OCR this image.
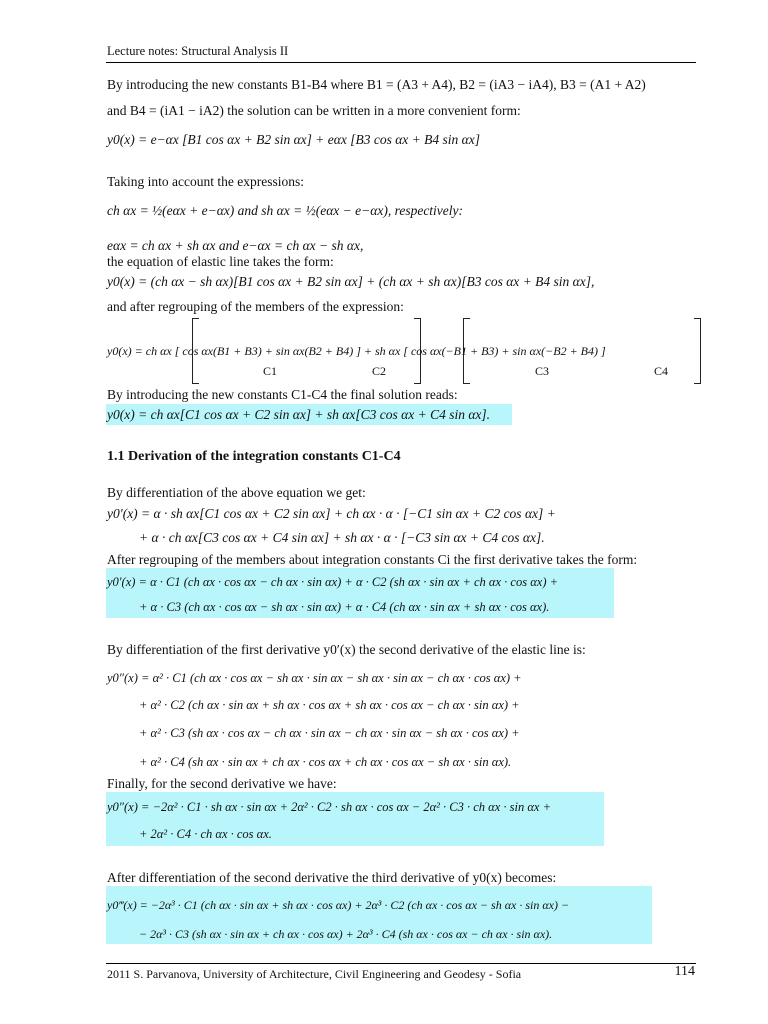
Lecture notes: Structural Analysis II
By introducing the new constants B1-B4 where B1 = (A3 + A4), B2 = (iA3 − iA4), B3 = (A1 + A2)
and B4 = (iA1 − iA2) the solution can be written in a more convenient form:
y0(x) = e−αx [B1 cos αx + B2 sin αx] + eαx [B3 cos αx + B4 sin αx]
Taking into account the expressions:
ch αx = ½(eαx + e−αx) and sh αx = ½(eαx − e−αx), respectively:
eαx = ch αx + sh αx and e−αx = ch αx − sh αx,
the equation of elastic line takes the form:
y0(x) = (ch αx − sh αx)[B1 cos αx + B2 sin αx] + (ch αx + sh αx)[B3 cos αx + B4 sin αx],
and after regrouping of the members of the expression:
y0(x) = ch αx [ cos αx(B1 + B3) + sin αx(B2 + B4) ] + sh αx [ cos αx(−B1 + B3) + sin αx(−B2 + B4) ]
C1	C2	C3	C4
By introducing the new constants C1-C4 the final solution reads:
y0(x) = ch αx[C1 cos αx + C2 sin αx] + sh αx[C3 cos αx + C4 sin αx].
1.1 Derivation of the integration constants C1-C4
By differentiation of the above equation we get:
y0′(x) = α · sh αx[C1 cos αx + C2 sin αx] + ch αx · α · [−C1 sin αx + C2 cos αx] +
+ α · ch αx[C3 cos αx + C4 sin αx] + sh αx · α · [−C3 sin αx + C4 cos αx].
After regrouping of the members about integration constants Ci the first derivative takes the form:
y0′(x) = α · C1 (ch αx · cos αx − ch αx · sin αx) + α · C2 (sh αx · sin αx + ch αx · cos αx) +
+ α · C3 (ch αx · cos αx − sh αx · sin αx) + α · C4 (ch αx · sin αx + sh αx · cos αx).
By differentiation of the first derivative y0′(x) the second derivative of the elastic line is:
y0″(x) = α² · C1 (ch αx · cos αx − sh αx · sin αx − sh αx · sin αx − ch αx · cos αx) +
+ α² · C2 (ch αx · sin αx + sh αx · cos αx + sh αx · cos αx − ch αx · sin αx) +
+ α² · C3 (sh αx · cos αx − ch αx · sin αx − ch αx · sin αx − sh αx · cos αx) +
+ α² · C4 (sh αx · sin αx + ch αx · cos αx + ch αx · cos αx − sh αx · sin αx).
Finally, for the second derivative we have:
y0″(x) = −2α² · C1 · sh αx · sin αx + 2α² · C2 · sh αx · cos αx − 2α² · C3 · ch αx · sin αx +
+ 2α² · C4 · ch αx · cos αx.
After differentiation of the second derivative the third derivative of y0(x) becomes:
y0‴(x) = −2α³ · C1 (ch αx · sin αx + sh αx · cos αx) + 2α³ · C2 (ch αx · cos αx − sh αx · sin αx) −
− 2α³ · C3 (sh αx · sin αx + ch αx · cos αx) + 2α³ · C4 (sh αx · cos αx − ch αx · sin αx).
2011 S. Parvanova, University of Architecture, Civil Engineering and Geodesy - Sofia	114
